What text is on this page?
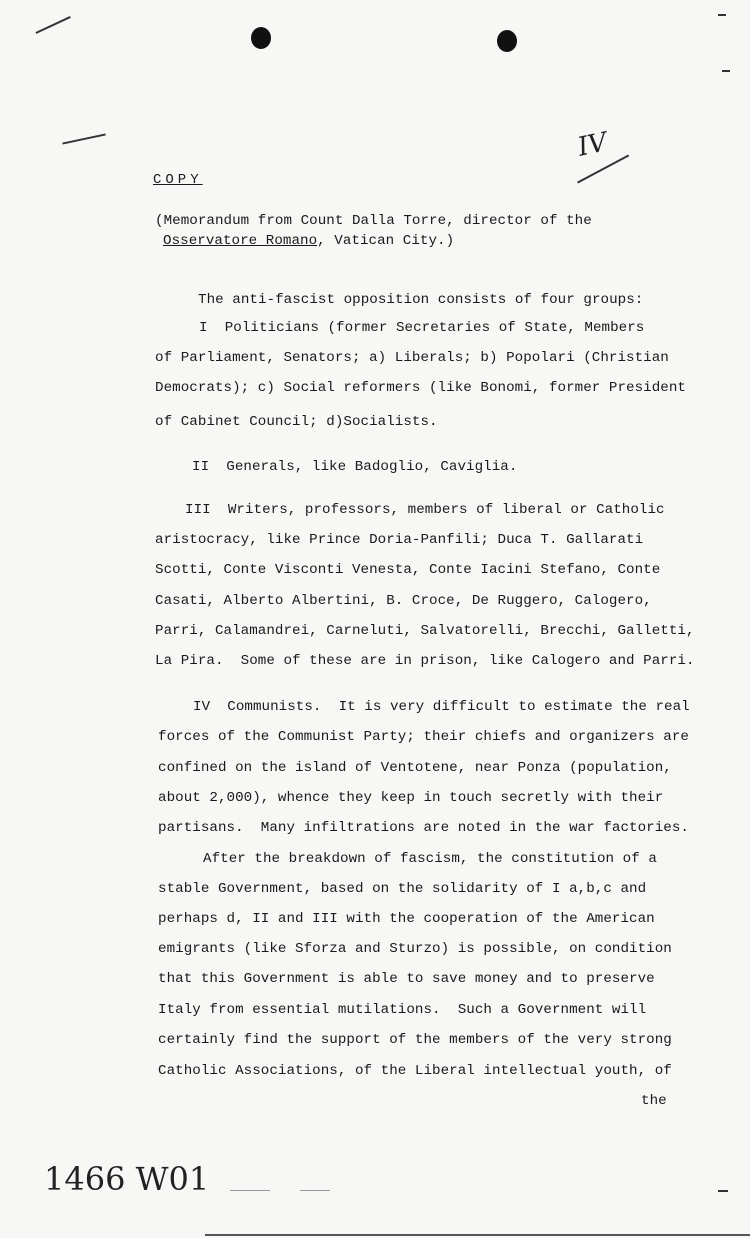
IV
COPY
(Memorandum from Count Dalla Torre, director of the
Osservatore Romano, Vatican City.)
The anti-fascist opposition consists of four groups:
I  Politicians (former Secretaries of State, Members
of Parliament, Senators; a) Liberals; b) Popolari (Christian
Democrats); c) Social reformers (like Bonomi, former President
of Cabinet Council; d)Socialists.
II  Generals, like Badoglio, Caviglia.
III  Writers, professors, members of liberal or Catholic
aristocracy, like Prince Doria-Panfili; Duca T. Gallarati
Scotti, Conte Visconti Venesta, Conte Iacini Stefano, Conte
Casati, Alberto Albertini, B. Croce, De Ruggero, Calogero,
Parri, Calamandrei, Carneluti, Salvatorelli, Brecchi, Galletti,
La Pira.  Some of these are in prison, like Calogero and Parri.
IV  Communists.  It is very difficult to estimate the real
forces of the Communist Party; their chiefs and organizers are
confined on the island of Ventotene, near Ponza (population,
about 2,000), whence they keep in touch secretly with their
partisans.  Many infiltrations are noted in the war factories.
After the breakdown of fascism, the constitution of a
stable Government, based on the solidarity of I a,b,c and
perhaps d, II and III with the cooperation of the American
emigrants (like Sforza and Sturzo) is possible, on condition
that this Government is able to save money and to preserve
Italy from essential mutilations.  Such a Government will
certainly find the support of the members of the very strong
Catholic Associations, of the Liberal intellectual youth, of
the
1466 W01
